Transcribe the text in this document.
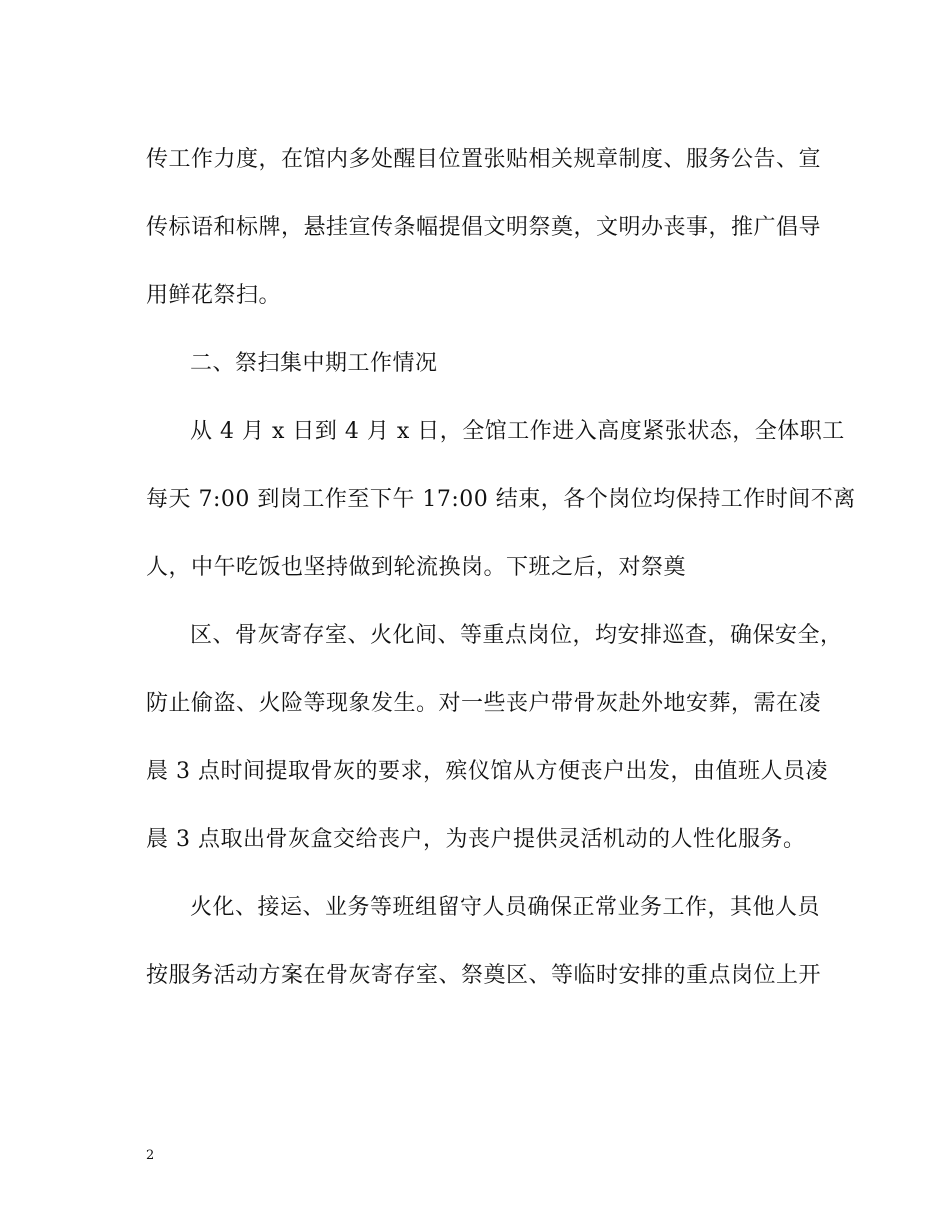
传工作力度，在馆内多处醒目位置张贴相关规章制度、服务公告、宣
传标语和标牌，悬挂宣传条幅提倡文明祭奠，文明办丧事，推广倡导
用鲜花祭扫。
二、祭扫集中期工作情况
从 4 月 x 日到 4 月 x 日，全馆工作进入高度紧张状态，全体职工
每天 7:00 到岗工作至下午 17:00 结束，各个岗位均保持工作时间不离
人，中午吃饭也坚持做到轮流换岗。下班之后，对祭奠
区、骨灰寄存室、火化间、等重点岗位，均安排巡查，确保安全，
防止偷盗、火险等现象发生。对一些丧户带骨灰赴外地安葬，需在凌
晨 3 点时间提取骨灰的要求，殡仪馆从方便丧户出发，由值班人员凌
晨 3 点取出骨灰盒交给丧户，为丧户提供灵活机动的人性化服务。
火化、接运、业务等班组留守人员确保正常业务工作，其他人员
按服务活动方案在骨灰寄存室、祭奠区、等临时安排的重点岗位上开
2
